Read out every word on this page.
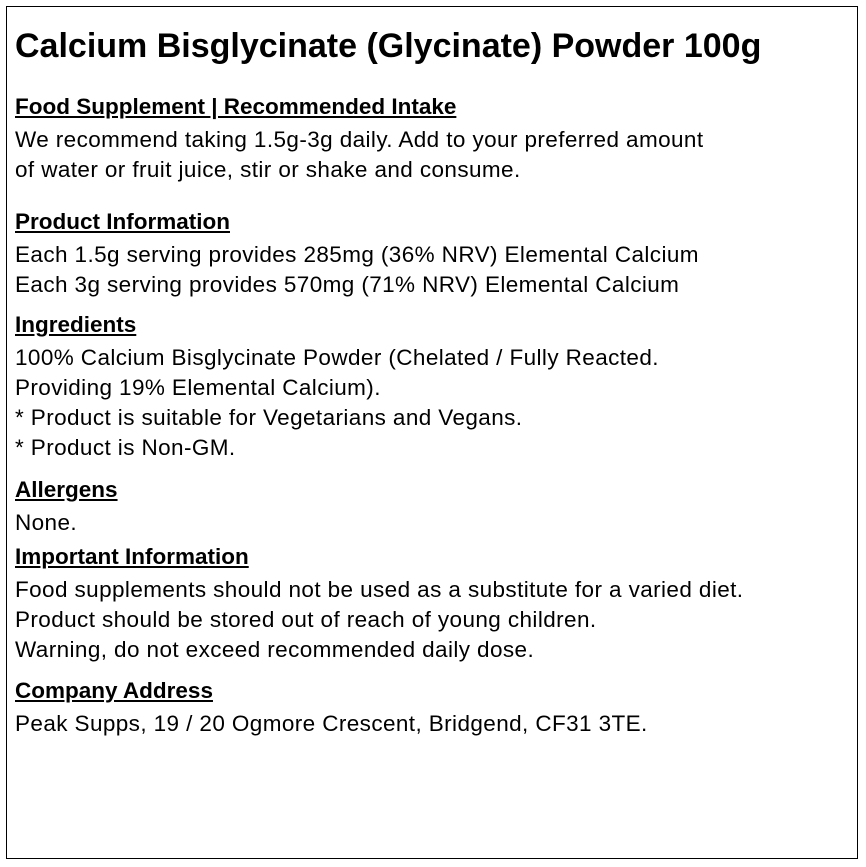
Calcium Bisglycinate (Glycinate) Powder 100g
Food Supplement | Recommended Intake

We recommend taking 1.5g-3g daily. Add to your preferred amount

of water or fruit juice, stir or shake and consume.

Product Information

Each 1.5g serving provides 285mg (36% NRV) Elemental Calcium

Each 3g serving provides 570mg (71% NRV) Elemental Calcium

Ingredients

100% Calcium Bisglycinate Powder (Chelated / Fully Reacted.

Providing 19% Elemental Calcium).

* Product is suitable for Vegetarians and Vegans.

* Product is Non-GM.

Allergens

None.

Important Information

Food supplements should not be used as a substitute for a varied diet.

Product should be stored out of reach of young children.

Warning, do not exceed recommended daily dose.

Company Address

Peak Supps, 19 / 20 Ogmore Crescent, Bridgend, CF31 3TE.
